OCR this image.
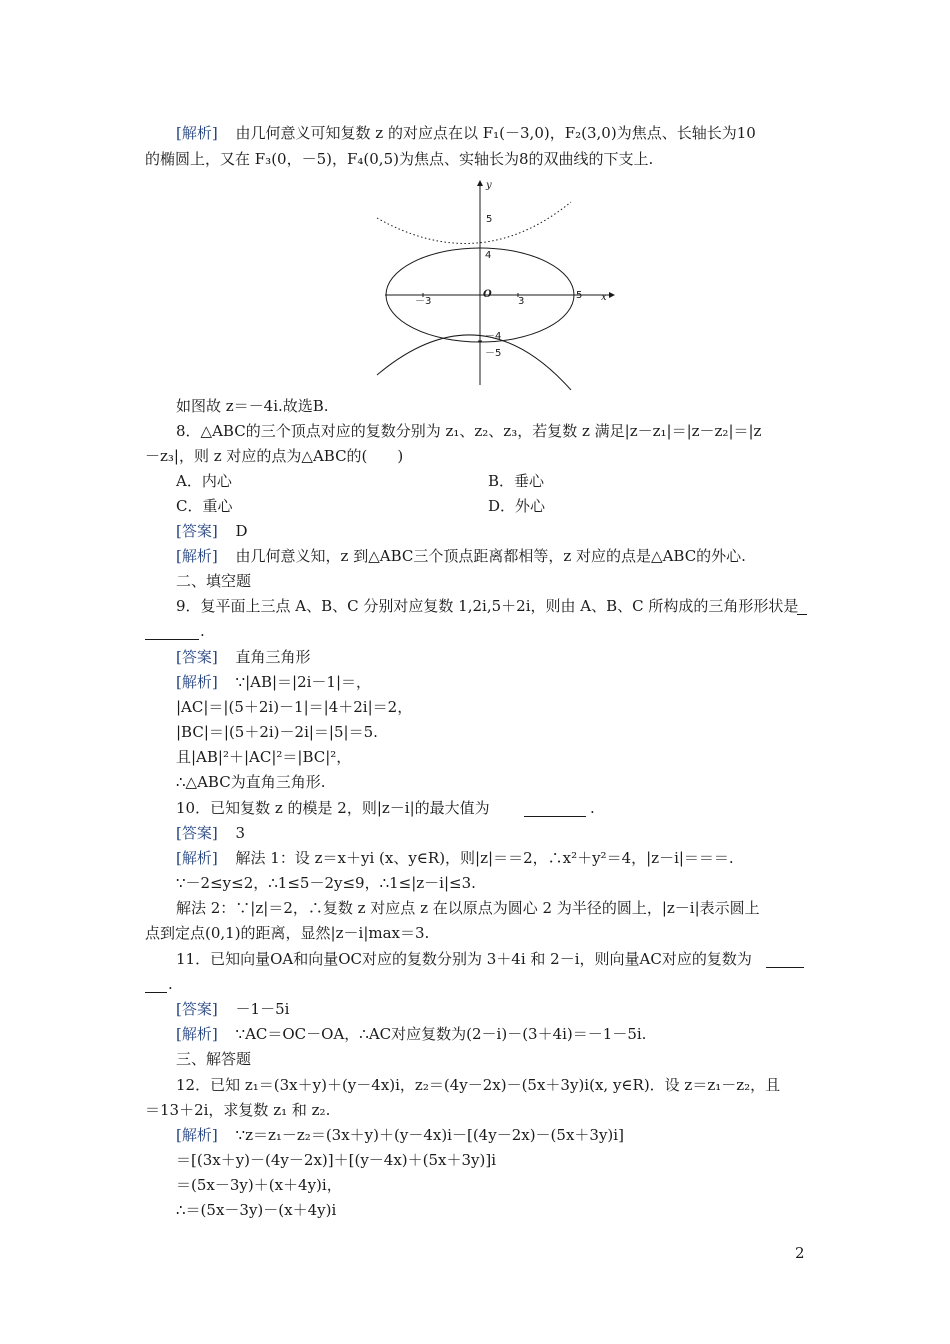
[解析] 由几何意义可知复数 z 的对应点在以 F₁(－3,0)，F₂(3,0)为焦点、长轴长为10
的椭圆上，又在 F₃(0，－5)，F₄(0,5)为焦点、实轴长为8的双曲线的下支上.
y
x
O
－3	3
5
5
4
－4
－5
如图故 z＝－4i.故选B.
8．△ABC的三个顶点对应的复数分别为 z₁、z₂、z₃，若复数 z 满足|z－z₁|＝|z－z₂|＝|z
－z₃|，则 z 对应的点为△ABC的(　　)
A．内心	B．垂心
C．重心	D．外心
[答案] D
[解析] 由几何意义知，z 到△ABC三个顶点距离都相等，z 对应的点是△ABC的外心.
二、填空题
9．复平面上三点 A、B、C 分别对应复数 1,2i,5＋2i，则由 A、B、C 所构成的三角形形状是
.
[答案] 直角三角形
[解析] ∵|AB|＝|2i－1|＝，
|AC|＝|(5＋2i)－1|＝|4＋2i|＝2，
|BC|＝|(5＋2i)－2i|＝|5|＝5.
且|AB|²＋|AC|²＝|BC|²，
∴△ABC为直角三角形.
10．已知复数 z 的模是 2，则|z－i|的最大值为	.
[答案] 3
[解析] 解法 1：设 z＝x＋yi (x、y∈R)，则|z|＝＝2，∴x²＋y²＝4，|z－i|＝＝＝.
∵－2≤y≤2，∴1≤5－2y≤9，∴1≤|z－i|≤3.
解法 2：∵|z|＝2，∴复数 z 对应点 z 在以原点为圆心 2 为半径的圆上，|z－i|表示圆上
点到定点(0,1)的距离，显然|z－i|max＝3.
11．已知向量OA和向量OC对应的复数分别为 3＋4i 和 2－i，则向量AC对应的复数为
.
[答案] －1－5i
[解析] ∵AC＝OC－OA，∴AC对应复数为(2－i)－(3＋4i)＝－1－5i.
三、解答题
12．已知 z₁＝(3x＋y)＋(y－4x)i，z₂＝(4y－2x)－(5x＋3y)i(x, y∈R)．设 z＝z₁－z₂，且
＝13＋2i，求复数 z₁ 和 z₂.
[解析] ∵z＝z₁－z₂＝(3x＋y)＋(y－4x)i－[(4y－2x)－(5x＋3y)i]
＝[(3x＋y)－(4y－2x)]＋[(y－4x)＋(5x＋3y)]i
＝(5x－3y)＋(x＋4y)i，
∴＝(5x－3y)－(x＋4y)i
2
